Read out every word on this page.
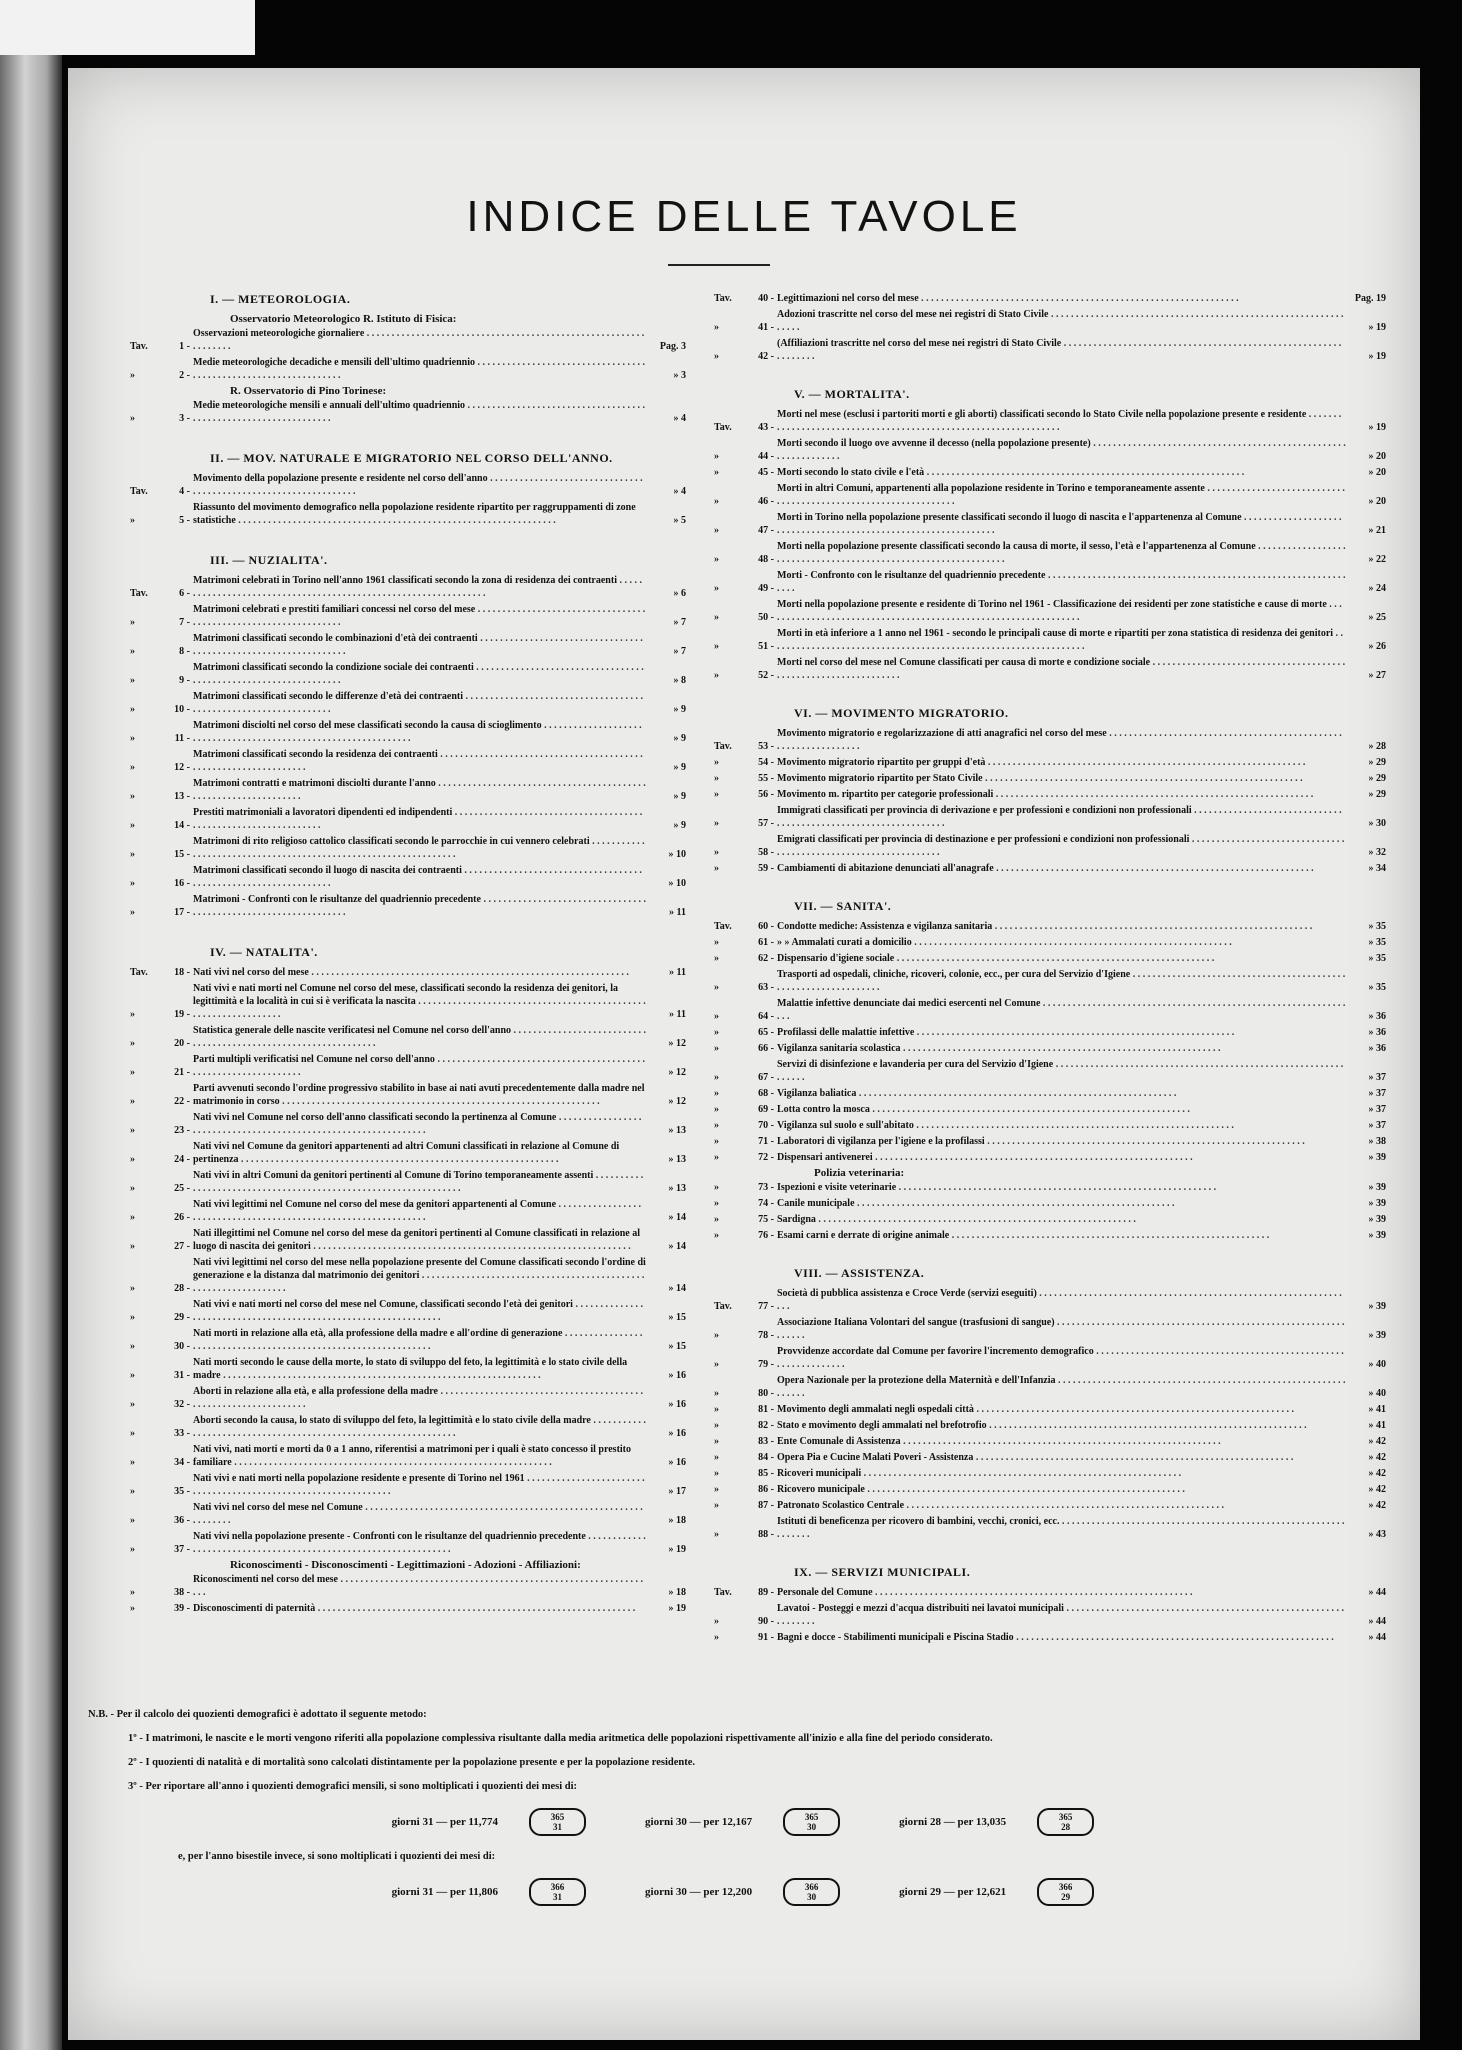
INDICE DELLE TAVOLE
I. — METEOROLOGIA.
Osservatorio Meteorologico R. Istituto di Fisica:
Tav.	1 -
Osservazioni meteorologiche giornaliere . . . . . . . . . . . . . . . . . . . . . . . . . . . . . . . . . . . . . . . . . . . . . . . . . . . . . . . . . . . . . . . .	Pag. 3
»	2 -
Medie meteorologiche decadiche e mensili dell'ultimo quadriennio . . . . . . . . . . . . . . . . . . . . . . . . . . . . . . . . . . . . . . . . . . . . . . . . . . . . . . . . . . . . . . . .	» 3
R. Osservatorio di Pino Torinese:
»	3 -
Medie meteorologiche mensili e annuali dell'ultimo quadriennio . . . . . . . . . . . . . . . . . . . . . . . . . . . . . . . . . . . . . . . . . . . . . . . . . . . . . . . . . . . . . . . .	» 4
II. — MOV. NATURALE E MIGRATORIO NEL CORSO DELL'ANNO.
Tav.	4 -
Movimento della popolazione presente e residente nel corso dell'anno . . . . . . . . . . . . . . . . . . . . . . . . . . . . . . . . . . . . . . . . . . . . . . . . . . . . . . . . . . . . . . . .	» 4
»	5 -
Riassunto del movimento demografico nella popolazione residente ripartito per raggruppamenti di zone statistiche . . . . . . . . . . . . . . . . . . . . . . . . . . . . . . . . . . . . . . . . . . . . . . . . . . . . . . . . . . . . . . . .	» 5
III. — NUZIALITA'.
Tav.	6 -
Matrimoni celebrati in Torino nell'anno 1961 classificati secondo la zona di residenza dei contraenti . . . . . . . . . . . . . . . . . . . . . . . . . . . . . . . . . . . . . . . . . . . . . . . . . . . . . . . . . . . . . . . .	» 6
»	7 -
Matrimoni celebrati e prestiti familiari concessi nel corso del mese . . . . . . . . . . . . . . . . . . . . . . . . . . . . . . . . . . . . . . . . . . . . . . . . . . . . . . . . . . . . . . . .	» 7
»	8 -
Matrimoni classificati secondo le combinazioni d'età dei contraenti . . . . . . . . . . . . . . . . . . . . . . . . . . . . . . . . . . . . . . . . . . . . . . . . . . . . . . . . . . . . . . . .	» 7
»	9 -
Matrimoni classificati secondo la condizione sociale dei contraenti . . . . . . . . . . . . . . . . . . . . . . . . . . . . . . . . . . . . . . . . . . . . . . . . . . . . . . . . . . . . . . . .	» 8
»	10 -
Matrimoni classificati secondo le differenze d'età dei contraenti . . . . . . . . . . . . . . . . . . . . . . . . . . . . . . . . . . . . . . . . . . . . . . . . . . . . . . . . . . . . . . . .	» 9
»	11 -
Matrimoni disciolti nel corso del mese classificati secondo la causa di scioglimento . . . . . . . . . . . . . . . . . . . . . . . . . . . . . . . . . . . . . . . . . . . . . . . . . . . . . . . . . . . . . . . .	» 9
»	12 -
Matrimoni classificati secondo la residenza dei contraenti . . . . . . . . . . . . . . . . . . . . . . . . . . . . . . . . . . . . . . . . . . . . . . . . . . . . . . . . . . . . . . . .	» 9
»	13 -
Matrimoni contratti e matrimoni disciolti durante l'anno . . . . . . . . . . . . . . . . . . . . . . . . . . . . . . . . . . . . . . . . . . . . . . . . . . . . . . . . . . . . . . . .	» 9
»	14 -
Prestiti matrimoniali a lavoratori dipendenti ed indipendenti . . . . . . . . . . . . . . . . . . . . . . . . . . . . . . . . . . . . . . . . . . . . . . . . . . . . . . . . . . . . . . . .	» 9
»	15 -
Matrimoni di rito religioso cattolico classificati secondo le parrocchie in cui vennero celebrati . . . . . . . . . . . . . . . . . . . . . . . . . . . . . . . . . . . . . . . . . . . . . . . . . . . . . . . . . . . . . . . .	» 10
»	16 -
Matrimoni classificati secondo il luogo di nascita dei contraenti . . . . . . . . . . . . . . . . . . . . . . . . . . . . . . . . . . . . . . . . . . . . . . . . . . . . . . . . . . . . . . . .	» 10
»	17 -
Matrimoni - Confronti con le risultanze del quadriennio precedente . . . . . . . . . . . . . . . . . . . . . . . . . . . . . . . . . . . . . . . . . . . . . . . . . . . . . . . . . . . . . . . .	» 11
IV. — NATALITA'.
Tav.	18 - Nati vivi nel corso del mese . . . . . . . . . . . . . . . . . . . . . . . . . . . . . . . . . . . . . . . . . . . . . . . . . . . . . . . . . . . . . . . .	» 11
»	19 -
Nati vivi e nati morti nel Comune nel corso del mese, classificati secondo la residenza dei genitori, la legittimità e la località in cui si è verificata la nascita . . . . . . . . . . . . . . . . . . . . . . . . . . . . . . . . . . . . . . . . . . . . . . . . . . . . . . . . . . . . . . . .	» 11
»	20 -
Statistica generale delle nascite verificatesi nel Comune nel corso dell'anno . . . . . . . . . . . . . . . . . . . . . . . . . . . . . . . . . . . . . . . . . . . . . . . . . . . . . . . . . . . . . . . .	» 12
»	21 -
Parti multipli verificatisi nel Comune nel corso dell'anno . . . . . . . . . . . . . . . . . . . . . . . . . . . . . . . . . . . . . . . . . . . . . . . . . . . . . . . . . . . . . . . .	» 12
»	22 -
Parti avvenuti secondo l'ordine progressivo stabilito in base ai nati avuti precedentemente dalla madre nel matrimonio in corso . . . . . . . . . . . . . . . . . . . . . . . . . . . . . . . . . . . . . . . . . . . . . . . . . . . . . . . . . . . . . . . .	» 12
»	23 -
Nati vivi nel Comune nel corso dell'anno classificati secondo la pertinenza al Comune . . . . . . . . . . . . . . . . . . . . . . . . . . . . . . . . . . . . . . . . . . . . . . . . . . . . . . . . . . . . . . . .	» 13
»	24 -
Nati vivi nel Comune da genitori appartenenti ad altri Comuni classificati in relazione al Comune di pertinenza . . . . . . . . . . . . . . . . . . . . . . . . . . . . . . . . . . . . . . . . . . . . . . . . . . . . . . . . . . . . . . . .	» 13
»	25 -
Nati vivi in altri Comuni da genitori pertinenti al Comune di Torino temporaneamente assenti . . . . . . . . . . . . . . . . . . . . . . . . . . . . . . . . . . . . . . . . . . . . . . . . . . . . . . . . . . . . . . . .	» 13
»	26 -
Nati vivi legittimi nel Comune nel corso del mese da genitori appartenenti al Comune . . . . . . . . . . . . . . . . . . . . . . . . . . . . . . . . . . . . . . . . . . . . . . . . . . . . . . . . . . . . . . . .	» 14
»	27 -
Nati illegittimi nel Comune nel corso del mese da genitori pertinenti al Comune classificati in relazione al luogo di nascita dei genitori . . . . . . . . . . . . . . . . . . . . . . . . . . . . . . . . . . . . . . . . . . . . . . . . . . . . . . . . . . . . . . . .	» 14
»	28 -
Nati vivi legittimi nel corso del mese nella popolazione presente del Comune classificati secondo l'ordine di generazione e la distanza dal matrimonio dei genitori . . . . . . . . . . . . . . . . . . . . . . . . . . . . . . . . . . . . . . . . . . . . . . . . . . . . . . . . . . . . . . . .	» 14
»	29 -
Nati vivi e nati morti nel corso del mese nel Comune, classificati secondo l'età dei genitori . . . . . . . . . . . . . . . . . . . . . . . . . . . . . . . . . . . . . . . . . . . . . . . . . . . . . . . . . . . . . . . .	» 15
»	30 -
Nati morti in relazione alla età, alla professione della madre e all'ordine di generazione . . . . . . . . . . . . . . . . . . . . . . . . . . . . . . . . . . . . . . . . . . . . . . . . . . . . . . . . . . . . . . . .	» 15
»	31 -
Nati morti secondo le cause della morte, lo stato di sviluppo del feto, la legittimità e lo stato civile della madre . . . . . . . . . . . . . . . . . . . . . . . . . . . . . . . . . . . . . . . . . . . . . . . . . . . . . . . . . . . . . . . .	» 16
»	32 -
Aborti in relazione alla età, e alla professione della madre . . . . . . . . . . . . . . . . . . . . . . . . . . . . . . . . . . . . . . . . . . . . . . . . . . . . . . . . . . . . . . . .	» 16
»	33 -
Aborti secondo la causa, lo stato di sviluppo del feto, la legittimità e lo stato civile della madre . . . . . . . . . . . . . . . . . . . . . . . . . . . . . . . . . . . . . . . . . . . . . . . . . . . . . . . . . . . . . . . .	» 16
»	34 -
Nati vivi, nati morti e morti da 0 a 1 anno, riferentisi a matrimoni per i quali è stato concesso il prestito familiare . . . . . . . . . . . . . . . . . . . . . . . . . . . . . . . . . . . . . . . . . . . . . . . . . . . . . . . . . . . . . . . .	» 16
»	35 -
Nati vivi e nati morti nella popolazione residente e presente di Torino nel 1961 . . . . . . . . . . . . . . . . . . . . . . . . . . . . . . . . . . . . . . . . . . . . . . . . . . . . . . . . . . . . . . . .	» 17
»	36 -
Nati vivi nel corso del mese nel Comune . . . . . . . . . . . . . . . . . . . . . . . . . . . . . . . . . . . . . . . . . . . . . . . . . . . . . . . . . . . . . . . .	» 18
»	37 -
Nati vivi nella popolazione presente - Confronti con le risultanze del quadriennio precedente . . . . . . . . . . . . . . . . . . . . . . . . . . . . . . . . . . . . . . . . . . . . . . . . . . . . . . . . . . . . . . . .	» 19
Riconoscimenti - Disconoscimenti - Legittimazioni - Adozioni - Affiliazioni:
»	38 -
Riconoscimenti nel corso del mese . . . . . . . . . . . . . . . . . . . . . . . . . . . . . . . . . . . . . . . . . . . . . . . . . . . . . . . . . . . . . . . .	» 18
»	39 - Disconoscimenti di paternità . . . . . . . . . . . . . . . . . . . . . . . . . . . . . . . . . . . . . . . . . . . . . . . . . . . . . . . . . . . . . . . .	» 19
Tav.	40 - Legittimazioni nel corso del mese . . . . . . . . . . . . . . . . . . . . . . . . . . . . . . . . . . . . . . . . . . . . . . . . . . . . . . . . . . . . . . . .	Pag. 19
»	41 -
Adozioni trascritte nel corso del mese nei registri di Stato Civile . . . . . . . . . . . . . . . . . . . . . . . . . . . . . . . . . . . . . . . . . . . . . . . . . . . . . . . . . . . . . . . .	» 19
»	42 -
(Affiliazioni trascritte nel corso del mese nei registri di Stato Civile . . . . . . . . . . . . . . . . . . . . . . . . . . . . . . . . . . . . . . . . . . . . . . . . . . . . . . . . . . . . . . . .	» 19
V. — MORTALITA'.
Tav.	43 -
Morti nel mese (esclusi i partoriti morti e gli aborti) classificati secondo lo Stato Civile nella popolazione presente e residente . . . . . . . . . . . . . . . . . . . . . . . . . . . . . . . . . . . . . . . . . . . . . . . . . . . . . . . . . . . . . . . .	» 19
»	44 -
Morti secondo il luogo ove avvenne il decesso (nella popolazione presente) . . . . . . . . . . . . . . . . . . . . . . . . . . . . . . . . . . . . . . . . . . . . . . . . . . . . . . . . . . . . . . . .	» 20
»	45 - Morti secondo lo stato civile e l'età . . . . . . . . . . . . . . . . . . . . . . . . . . . . . . . . . . . . . . . . . . . . . . . . . . . . . . . . . . . . . . . .	» 20
»	46 -
Morti in altri Comuni, appartenenti alla popolazione residente in Torino e temporaneamente assente . . . . . . . . . . . . . . . . . . . . . . . . . . . . . . . . . . . . . . . . . . . . . . . . . . . . . . . . . . . . . . . .	» 20
»	47 -
Morti in Torino nella popolazione presente classificati secondo il luogo di nascita e l'appartenenza al Comune . . . . . . . . . . . . . . . . . . . . . . . . . . . . . . . . . . . . . . . . . . . . . . . . . . . . . . . . . . . . . . . .	» 21
»	48 -
Morti nella popolazione presente classificati secondo la causa di morte, il sesso, l'età e l'appartenenza al Comune . . . . . . . . . . . . . . . . . . . . . . . . . . . . . . . . . . . . . . . . . . . . . . . . . . . . . . . . . . . . . . . .	» 22
»	49 -
Morti - Confronto con le risultanze del quadriennio precedente . . . . . . . . . . . . . . . . . . . . . . . . . . . . . . . . . . . . . . . . . . . . . . . . . . . . . . . . . . . . . . . .	» 24
»	50 -
Morti nella popolazione presente e residente di Torino nel 1961 - Classificazione dei residenti per zone statistiche e cause di morte . . . . . . . . . . . . . . . . . . . . . . . . . . . . . . . . . . . . . . . . . . . . . . . . . . . . . . . . . . . . . . . .	» 25
»	51 -
Morti in età inferiore a 1 anno nel 1961 - secondo le principali cause di morte e ripartiti per zona statistica di residenza dei genitori . . . . . . . . . . . . . . . . . . . . . . . . . . . . . . . . . . . . . . . . . . . . . . . . . . . . . . . . . . . . . . . .	» 26
»	52 -
Morti nel corso del mese nel Comune classificati per causa di morte e condizione sociale . . . . . . . . . . . . . . . . . . . . . . . . . . . . . . . . . . . . . . . . . . . . . . . . . . . . . . . . . . . . . . . .	» 27
VI. — MOVIMENTO MIGRATORIO.
Tav.	53 -
Movimento migratorio e regolarizzazione di atti anagrafici nel corso del mese . . . . . . . . . . . . . . . . . . . . . . . . . . . . . . . . . . . . . . . . . . . . . . . . . . . . . . . . . . . . . . . .	» 28
»	54 - Movimento migratorio ripartito per gruppi d'età . . . . . . . . . . . . . . . . . . . . . . . . . . . . . . . . . . . . . . . . . . . . . . . . . . . . . . . . . . . . . . . .	» 29
»	55 - Movimento migratorio ripartito per Stato Civile . . . . . . . . . . . . . . . . . . . . . . . . . . . . . . . . . . . . . . . . . . . . . . . . . . . . . . . . . . . . . . . .	» 29
»	56 - Movimento m. ripartito per categorie professionali . . . . . . . . . . . . . . . . . . . . . . . . . . . . . . . . . . . . . . . . . . . . . . . . . . . . . . . . . . . . . . . .	» 29
»	57 -
Immigrati classificati per provincia di derivazione e per professioni e condizioni non professionali . . . . . . . . . . . . . . . . . . . . . . . . . . . . . . . . . . . . . . . . . . . . . . . . . . . . . . . . . . . . . . . .	» 30
»	58 -
Emigrati classificati per provincia di destinazione e per professioni e condizioni non professionali . . . . . . . . . . . . . . . . . . . . . . . . . . . . . . . . . . . . . . . . . . . . . . . . . . . . . . . . . . . . . . . .	» 32
»	59 - Cambiamenti di abitazione denunciati all'anagrafe . . . . . . . . . . . . . . . . . . . . . . . . . . . . . . . . . . . . . . . . . . . . . . . . . . . . . . . . . . . . . . . .	» 34
VII. — SANITA'.
Tav.	60 - Condotte mediche: Assistenza e vigilanza sanitaria . . . . . . . . . . . . . . . . . . . . . . . . . . . . . . . . . . . . . . . . . . . . . . . . . . . . . . . . . . . . . . . .	» 35
»	61 - » » Ammalati curati a domicilio . . . . . . . . . . . . . . . . . . . . . . . . . . . . . . . . . . . . . . . . . . . . . . . . . . . . . . . . . . . . . . . .	» 35
»	62 - Dispensario d'igiene sociale . . . . . . . . . . . . . . . . . . . . . . . . . . . . . . . . . . . . . . . . . . . . . . . . . . . . . . . . . . . . . . . .	» 35
»	63 -
Trasporti ad ospedali, cliniche, ricoveri, colonie, ecc., per cura del Servizio d'Igiene . . . . . . . . . . . . . . . . . . . . . . . . . . . . . . . . . . . . . . . . . . . . . . . . . . . . . . . . . . . . . . . .	» 35
»	64 -
Malattie infettive denunciate dai medici esercenti nel Comune . . . . . . . . . . . . . . . . . . . . . . . . . . . . . . . . . . . . . . . . . . . . . . . . . . . . . . . . . . . . . . . .	» 36
»	65 - Profilassi delle malattie infettive . . . . . . . . . . . . . . . . . . . . . . . . . . . . . . . . . . . . . . . . . . . . . . . . . . . . . . . . . . . . . . . .	» 36
»	66 - Vigilanza sanitaria scolastica . . . . . . . . . . . . . . . . . . . . . . . . . . . . . . . . . . . . . . . . . . . . . . . . . . . . . . . . . . . . . . . .	» 36
»	67 -
Servizi di disinfezione e lavanderia per cura del Servizio d'Igiene . . . . . . . . . . . . . . . . . . . . . . . . . . . . . . . . . . . . . . . . . . . . . . . . . . . . . . . . . . . . . . . .	» 37
»	68 - Vigilanza baliatica . . . . . . . . . . . . . . . . . . . . . . . . . . . . . . . . . . . . . . . . . . . . . . . . . . . . . . . . . . . . . . . .	» 37
»	69 - Lotta contro la mosca . . . . . . . . . . . . . . . . . . . . . . . . . . . . . . . . . . . . . . . . . . . . . . . . . . . . . . . . . . . . . . . .	» 37
»	70 - Vigilanza sul suolo e sull'abitato . . . . . . . . . . . . . . . . . . . . . . . . . . . . . . . . . . . . . . . . . . . . . . . . . . . . . . . . . . . . . . . .	» 37
»	71 - Laboratori di vigilanza per l'igiene e la profilassi . . . . . . . . . . . . . . . . . . . . . . . . . . . . . . . . . . . . . . . . . . . . . . . . . . . . . . . . . . . . . . . .	» 38
»	72 - Dispensari antivenerei . . . . . . . . . . . . . . . . . . . . . . . . . . . . . . . . . . . . . . . . . . . . . . . . . . . . . . . . . . . . . . . .	» 39
Polizia veterinaria:
»	73 - Ispezioni e visite veterinarie . . . . . . . . . . . . . . . . . . . . . . . . . . . . . . . . . . . . . . . . . . . . . . . . . . . . . . . . . . . . . . . .	» 39
»	74 - Canile municipale . . . . . . . . . . . . . . . . . . . . . . . . . . . . . . . . . . . . . . . . . . . . . . . . . . . . . . . . . . . . . . . .	» 39
»	75 - Sardigna . . . . . . . . . . . . . . . . . . . . . . . . . . . . . . . . . . . . . . . . . . . . . . . . . . . . . . . . . . . . . . . .	» 39
»	76 - Esami carni e derrate di origine animale . . . . . . . . . . . . . . . . . . . . . . . . . . . . . . . . . . . . . . . . . . . . . . . . . . . . . . . . . . . . . . . .	» 39
VIII. — ASSISTENZA.
Tav.	77 -
Società di pubblica assistenza e Croce Verde (servizi eseguiti) . . . . . . . . . . . . . . . . . . . . . . . . . . . . . . . . . . . . . . . . . . . . . . . . . . . . . . . . . . . . . . . .	» 39
»	78 -
Associazione Italiana Volontari del sangue (trasfusioni di sangue) . . . . . . . . . . . . . . . . . . . . . . . . . . . . . . . . . . . . . . . . . . . . . . . . . . . . . . . . . . . . . . . .	» 39
»	79 -
Provvidenze accordate dal Comune per favorire l'incremento demografico . . . . . . . . . . . . . . . . . . . . . . . . . . . . . . . . . . . . . . . . . . . . . . . . . . . . . . . . . . . . . . . .	» 40
»	80 -
Opera Nazionale per la protezione della Maternità e dell'Infanzia . . . . . . . . . . . . . . . . . . . . . . . . . . . . . . . . . . . . . . . . . . . . . . . . . . . . . . . . . . . . . . . .	» 40
»	81 - Movimento degli ammalati negli ospedali città . . . . . . . . . . . . . . . . . . . . . . . . . . . . . . . . . . . . . . . . . . . . . . . . . . . . . . . . . . . . . . . .	» 41
»	82 - Stato e movimento degli ammalati nel brefotrofio . . . . . . . . . . . . . . . . . . . . . . . . . . . . . . . . . . . . . . . . . . . . . . . . . . . . . . . . . . . . . . . .	» 41
»	83 - Ente Comunale di Assistenza . . . . . . . . . . . . . . . . . . . . . . . . . . . . . . . . . . . . . . . . . . . . . . . . . . . . . . . . . . . . . . . .	» 42
»	84 - Opera Pia e Cucine Malati Poveri - Assistenza . . . . . . . . . . . . . . . . . . . . . . . . . . . . . . . . . . . . . . . . . . . . . . . . . . . . . . . . . . . . . . . .	» 42
»	85 - Ricoveri municipali . . . . . . . . . . . . . . . . . . . . . . . . . . . . . . . . . . . . . . . . . . . . . . . . . . . . . . . . . . . . . . . .	» 42
»	86 - Ricovero municipale . . . . . . . . . . . . . . . . . . . . . . . . . . . . . . . . . . . . . . . . . . . . . . . . . . . . . . . . . . . . . . . .	» 42
»	87 - Patronato Scolastico Centrale . . . . . . . . . . . . . . . . . . . . . . . . . . . . . . . . . . . . . . . . . . . . . . . . . . . . . . . . . . . . . . . .	» 42
»	88 -
Istituti di beneficenza per ricovero di bambini, vecchi, cronici, ecc. . . . . . . . . . . . . . . . . . . . . . . . . . . . . . . . . . . . . . . . . . . . . . . . . . . . . . . . . . . . . . . . .	» 43
IX. — SERVIZI MUNICIPALI.
Tav.	89 - Personale del Comune . . . . . . . . . . . . . . . . . . . . . . . . . . . . . . . . . . . . . . . . . . . . . . . . . . . . . . . . . . . . . . . .	» 44
»	90 -
Lavatoi - Posteggi e mezzi d'acqua distribuiti nei lavatoi municipali . . . . . . . . . . . . . . . . . . . . . . . . . . . . . . . . . . . . . . . . . . . . . . . . . . . . . . . . . . . . . . . .	» 44
»	91 - Bagni e docce - Stabilimenti municipali e Piscina Stadio . . . . . . . . . . . . . . . . . . . . . . . . . . . . . . . . . . . . . . . . . . . . . . . . . . . . . . . . . . . . . . . .	» 44

N.B. - Per il calcolo dei quozienti demografici è adottato il seguente metodo:

1º - I matrimoni, le nascite e le morti vengono riferiti alla popolazione complessiva risultante dalla media aritmetica delle popolazioni rispettivamente all'inizio e alla fine del periodo considerato.

2º - I quozienti di natalità e di mortalità sono calcolati distintamente per la popolazione presente e per la popolazione residente.

3º - Per riportare all'anno i quozienti demografici mensili, si sono moltiplicati i quozienti dei mesi di:

giorni 31 — per 11,774	365
31	giorni 30 — per 12,167	365
30	giorni 28 — per 13,035	365
28

e, per l'anno bisestile invece, si sono moltiplicati i quozienti dei mesi di:

giorni 31 — per 11,806	366
31	giorni 30 — per 12,200	366
30	giorni 29 — per 12,621	366
29
